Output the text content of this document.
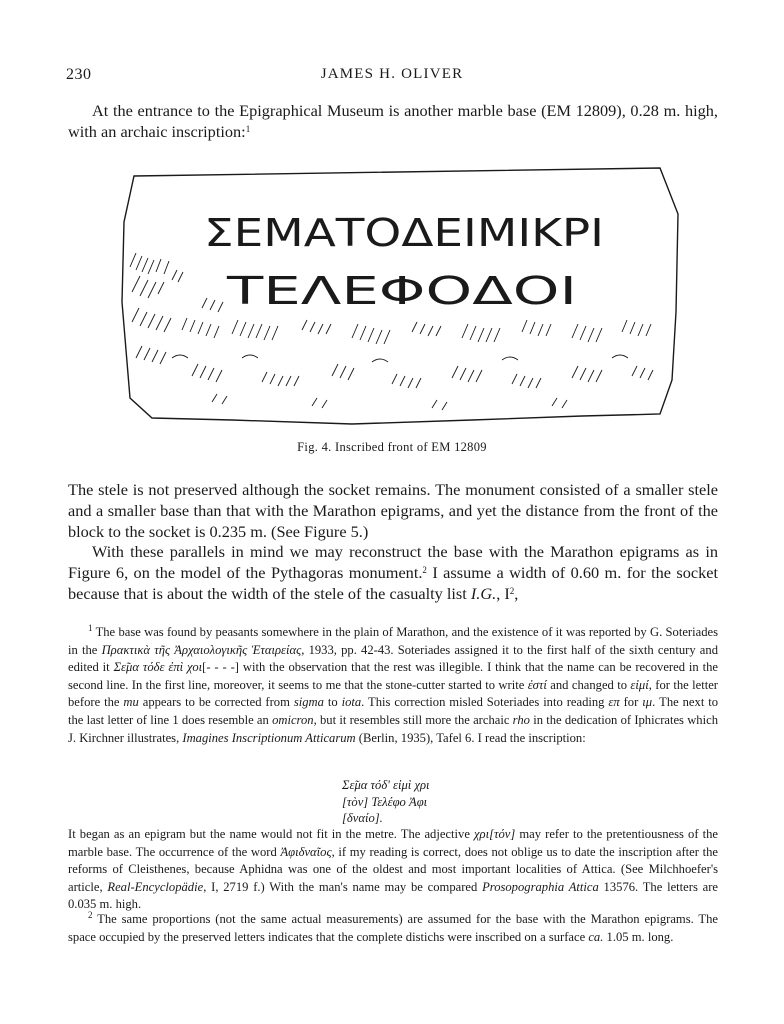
230	JAMES H. OLIVER

At the entrance to the Epigraphical Museum is another marble base (EM 12809), 0.28 m. high, with an archaic inscription:$^1$

ΣΕΜΑΤΟΔΕΙΜΙΚΡΙ
ΤΕΛΕΦΟΔΟΙ
Fig. 4. Inscribed front of EM 12809

The stele is not preserved although the socket remains. The monument consisted of a smaller stele and a smaller base than that with the Marathon epigrams, and yet the distance from the front of the block to the socket is 0.235 m. (See Figure 5.)

With these parallels in mind we may reconstruct the base with the Marathon epigrams as in Figure 6, on the model of the Pythagoras monument.$^2$ I assume a width of 0.60 m. for the socket because that is about the width of the stele of the casualty list I.G., $I^2$,

$^1$ The base was found by peasants somewhere in the plain of Marathon, and the existence of it was reported by G. Soteriades in the Πρακτικὰ τῆς Ἀρχαιολογικῆς Ἑταιρείας, 1933, pp. 42-43. Soteriades assigned it to the first half of the sixth century and edited it Σε̃μα τόδε ἐπὶ χοι[- - - -] with the observation that the rest was illegible. I think that the name can be recovered in the second line. In the first line, moreover, it seems to me that the stone-cutter started to write ἐστί and changed to εἰμί, for the letter before the mu appears to be corrected from sigma to iota. This correction misled Soteriades into reading επ for ιμ. The next to the last letter of line 1 does resemble an omicron, but it resembles still more the archaic rho in the dedication of Iphicrates which J. Kirchner illustrates, Imagines Inscriptionum Atticarum (Berlin, 1935), Tafel 6. I read the inscription:

Σε̃μα τόδ' εἰμὶ χρι
[τὸν] Τελέφο Ἀφι
[δναίο].

It began as an epigram but the name would not fit in the metre. The adjective χρι[τόν] may refer to the pretentiousness of the marble base. The occurrence of the word Ἀφιδναῖος, if my reading is correct, does not oblige us to date the inscription after the reforms of Cleisthenes, because Aphidna was one of the oldest and most important localities of Attica. (See Milchhoefer's article, Real-Encyclopädie, I, 2719 f.) With the man's name may be compared Prosopographia Attica 13576. The letters are 0.035 m. high.

$^2$ The same proportions (not the same actual measurements) are assumed for the base with the Marathon epigrams. The space occupied by the preserved letters indicates that the complete distichs were inscribed on a surface ca. 1.05 m. long.
